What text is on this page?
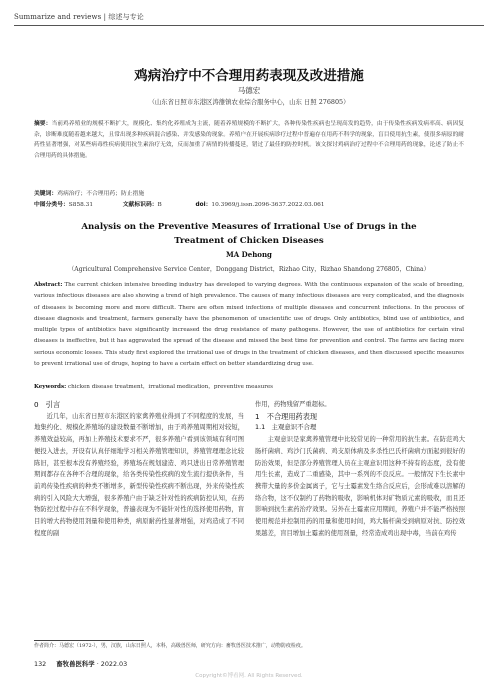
Summarize and reviews | 综述与专论
鸡病治疗中不合理用药表现及改进措施
马德宏
（山东省日照市东港区涛雒镇农业综合服务中心，山东 日照 276805）
摘要：当前鸡养殖业的规模不断扩大，规模化、集约化养殖成为主流，随着养殖规模的不断扩大，各种传染性疾病也呈现高发的趋势，由于传染性疾病发病率高、病因复杂，诊断难度随着越来越大，且常出现多种疾病混合感染、并发感染的现象。养殖户在开展疾病诊疗过程中普遍存在用药不科学的现象，盲目使用抗生素，使很多病原的耐药性显著增强，对某些病毒性疾病使用抗生素治疗无效，反而加重了病情的传播蔓延，错过了最佳的防控时机。该文探讨鸡病治疗过程中不合理用药的现象，论述了防止不合理用药的具体措施。
关键词：鸡病治疗；不合理用药；防止措施
中图分类号：S858.31	文献标识码：B	doi：10.3969/j.issn.2096-3637.2022.03.061
Analysis on the Preventive Measures of Irrational Use of Drugs in the
Treatment of Chicken Diseases
MA Dehong
（Agricultural Comprehensive Service Center，Donggang District，Rizhao City，Rizhao Shandong 276805，China）
Abstract: The current chicken intensive breeding industry has developed to varying degrees. With the continuous expansion of the scale of breeding, various infectious diseases are also showing a trend of high prevalence. The causes of many infectious diseases are very complicated, and the diagnosis of diseases is becoming more and more difficult. There are often mixed infections of multiple diseases and concurrent infections. In the process of disease diagnosis and treatment, farmers generally have the phenomenon of unscientific use of drugs. Only antibiotics, blind use of antibiotics, and multiple types of antibiotics have significantly increased the drug resistance of many pathogens. However, the use of antibiotics for certain viral diseases is ineffective, but it has aggravated the spread of the disease and missed the best time for prevention and control. The farms are facing more serious economic losses. This study first explored the irrational use of drugs in the treatment of chicken diseases, and then discussed specific measures to prevent irrational use of drugs, hoping to have a certain effect on better standardizing drug use.
Keywords: chicken disease treatment，irrational medication，preventive measures
0　引言

近几年，山东省日照市东港区的家禽养殖业得到了不同程度的发展，当地集约化、规模化养殖场的建设数量不断增加，由于鸡养殖周期相对较短，养殖效益较高，再加上养殖技术要求不严，很多养殖户看到该领域有利可图便投入进去，开设有认真仔细地学习相关养殖管理知识，养殖管理理念比较陈旧，甚至根本没有养殖经验，养殖场在规划建造、鸡只进出日常养殖管理期间都存在各种不合理的现象，给各类传染性疾病的发生流行提供条件，当前鸡传染性疾病的种类不断增多，新型传染性疾病不断出现，外来传染性疾病的引入风险大大增强，很多养殖户由于缺乏针对性的疾病防控认知，在药物防控过程中存在不科学现象，普遍表现为不能针对性的选择使用药物，盲目的增大药物使用剂量和使用种类，病原耐药性显著增强，对鸡造成了不同程度的副

作用，药物残留严重超标。

1　不合理用药表现
1.1　主观意识不合理

主观意识是家禽养殖管理中比较常见的一种常用的抗生素。在防范鸡大肠杆菌病、鸡沙门氏菌病、鸡支原体病及多杀性巴氏杆菌病方面起到很好的防治效果，但是部分养殖管理人员在主观意识用这种不持有的态度，没有使用生长素，造成了二重感染，其中一系列的不良反应。一般情况下生长素中携带大量的多价金属离子，它与土霉素发生络合反应后，会形成难以溶解的络合物，这不仅制约了药物的吸收，影响机体对矿物质元素的吸收，而且还影响到抗生素药治疗效果。另外在土霉素应用期间，养殖户并不能严格按照使用规范并控制用药的用量和使用时间，鸡大肠杆菌受到病原对抗、防控效果越差，盲目增加土霉素的使用剂量，经常造成鸡出现中毒，当前在鸡传

作者简介：马德宏（1972-），男，汉族，山东日照人，本科，高级兽医师，研究方向：畜牧兽医技术推广，动物防疫检疫。
132 畜牧兽医科学 · 2022.03
Copyright©博看网. All Rights Reserved.
